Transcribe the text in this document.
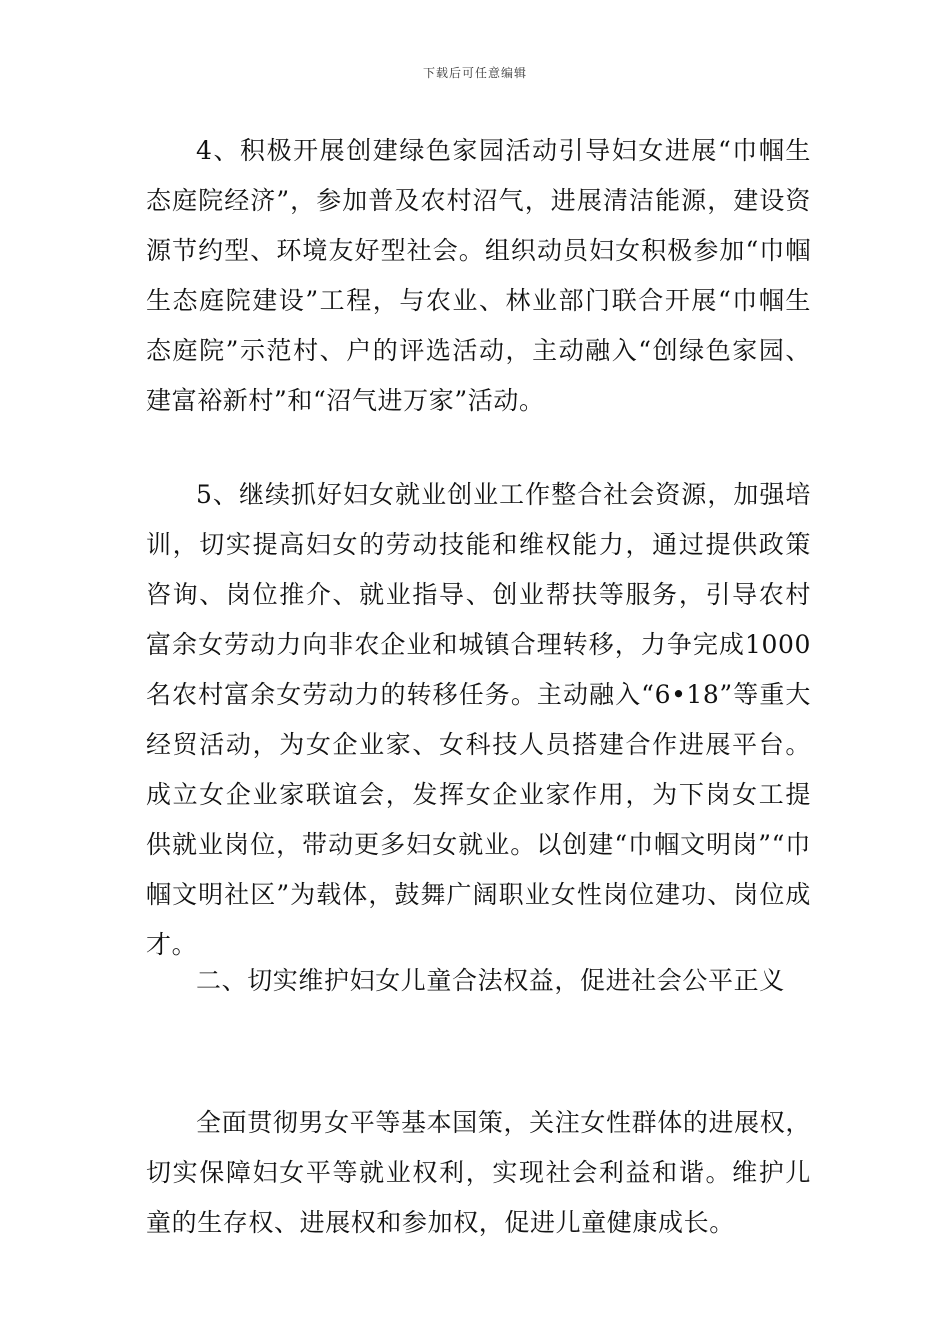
下载后可任意编辑

4、积极开展创建绿色家园活动引导妇女进展“巾帼生态庭院经济”，参加普及农村沼气，进展清洁能源，建设资源节约型、环境友好型社会。组织动员妇女积极参加“巾帼生态庭院建设”工程，与农业、林业部门联合开展“巾帼生态庭院”示范村、户的评选活动，主动融入“创绿色家园、建富裕新村”和“沼气进万家”活动。

5、继续抓好妇女就业创业工作整合社会资源，加强培训，切实提高妇女的劳动技能和维权能力，通过提供政策咨询、岗位推介、就业指导、创业帮扶等服务，引导农村富余女劳动力向非农企业和城镇合理转移，力争完成1000名农村富余女劳动力的转移任务。主动融入“6•18”等重大经贸活动，为女企业家、女科技人员搭建合作进展平台。成立女企业家联谊会，发挥女企业家作用，为下岗女工提供就业岗位，带动更多妇女就业。以创建“巾帼文明岗”“巾帼文明社区”为载体，鼓舞广阔职业女性岗位建功、岗位成才。

二、切实维护妇女儿童合法权益，促进社会公平正义

全面贯彻男女平等基本国策，关注女性群体的进展权，切实保障妇女平等就业权利，实现社会利益和谐。维护儿童的生存权、进展权和参加权，促进儿童健康成长。
